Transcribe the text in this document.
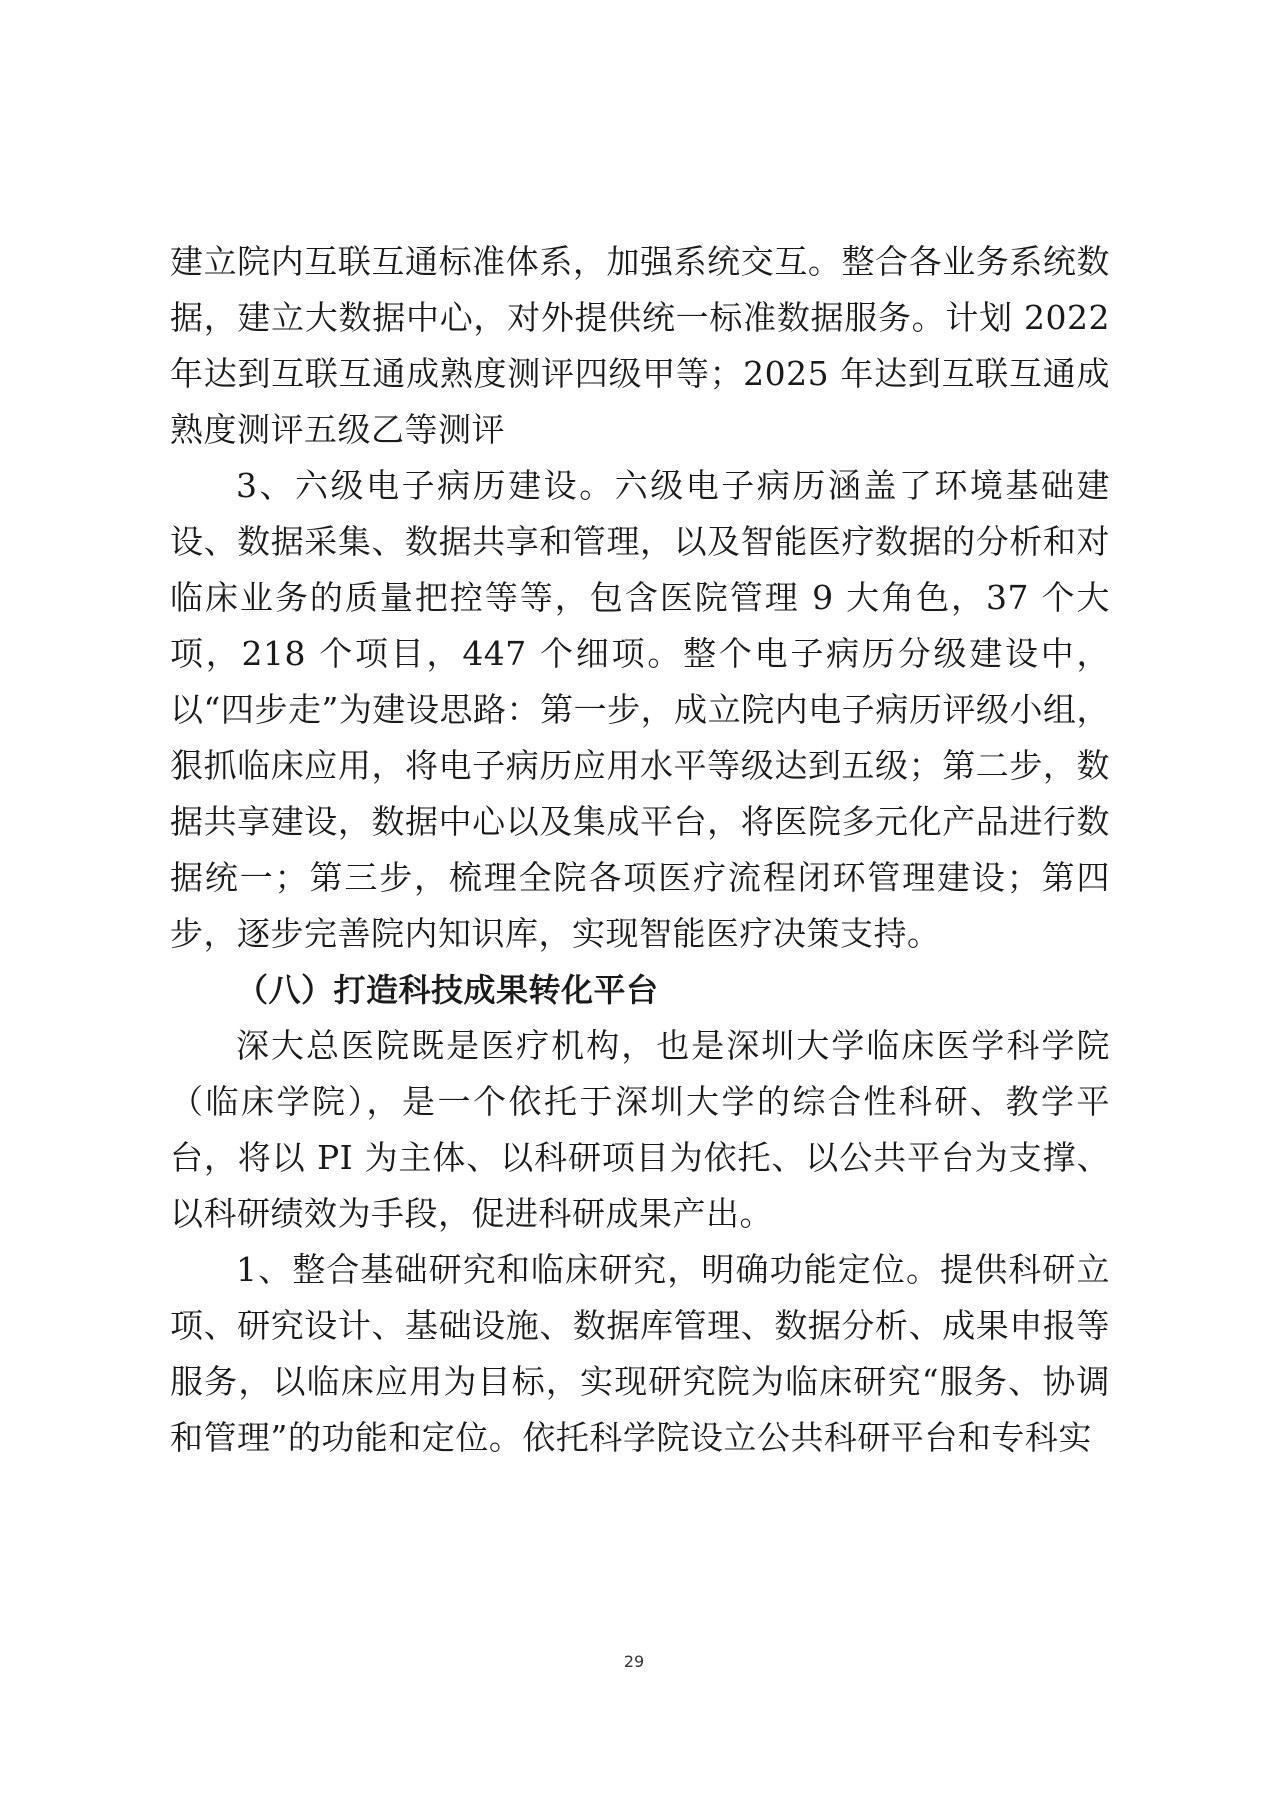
建立院内互联互通标准体系，加强系统交互。整合各业务系统数据，建立大数据中心，对外提供统一标准数据服务。计划 2022 年达到互联互通成熟度测评四级甲等；2025 年达到互联互通成熟度测评五级乙等测评

3、六级电子病历建设。六级电子病历涵盖了环境基础建设、数据采集、数据共享和管理，以及智能医疗数据的分析和对临床业务的质量把控等等，包含医院管理 9 大角色，37 个大项，218 个项目，447 个细项。整个电子病历分级建设中，以“四步走”为建设思路：第一步，成立院内电子病历评级小组，狠抓临床应用，将电子病历应用水平等级达到五级；第二步，数据共享建设，数据中心以及集成平台，将医院多元化产品进行数据统一；第三步，梳理全院各项医疗流程闭环管理建设；第四步，逐步完善院内知识库，实现智能医疗决策支持。

（八）打造科技成果转化平台

深大总医院既是医疗机构，也是深圳大学临床医学科学院（临床学院），是一个依托于深圳大学的综合性科研、教学平台，将以 PI 为主体、以科研项目为依托、以公共平台为支撑、以科研绩效为手段，促进科研成果产出。

1、整合基础研究和临床研究，明确功能定位。提供科研立项、研究设计、基础设施、数据库管理、数据分析、成果申报等服务，以临床应用为目标，实现研究院为临床研究“服务、协调和管理”的功能和定位。依托科学院设立公共科研平台和专科实

29
